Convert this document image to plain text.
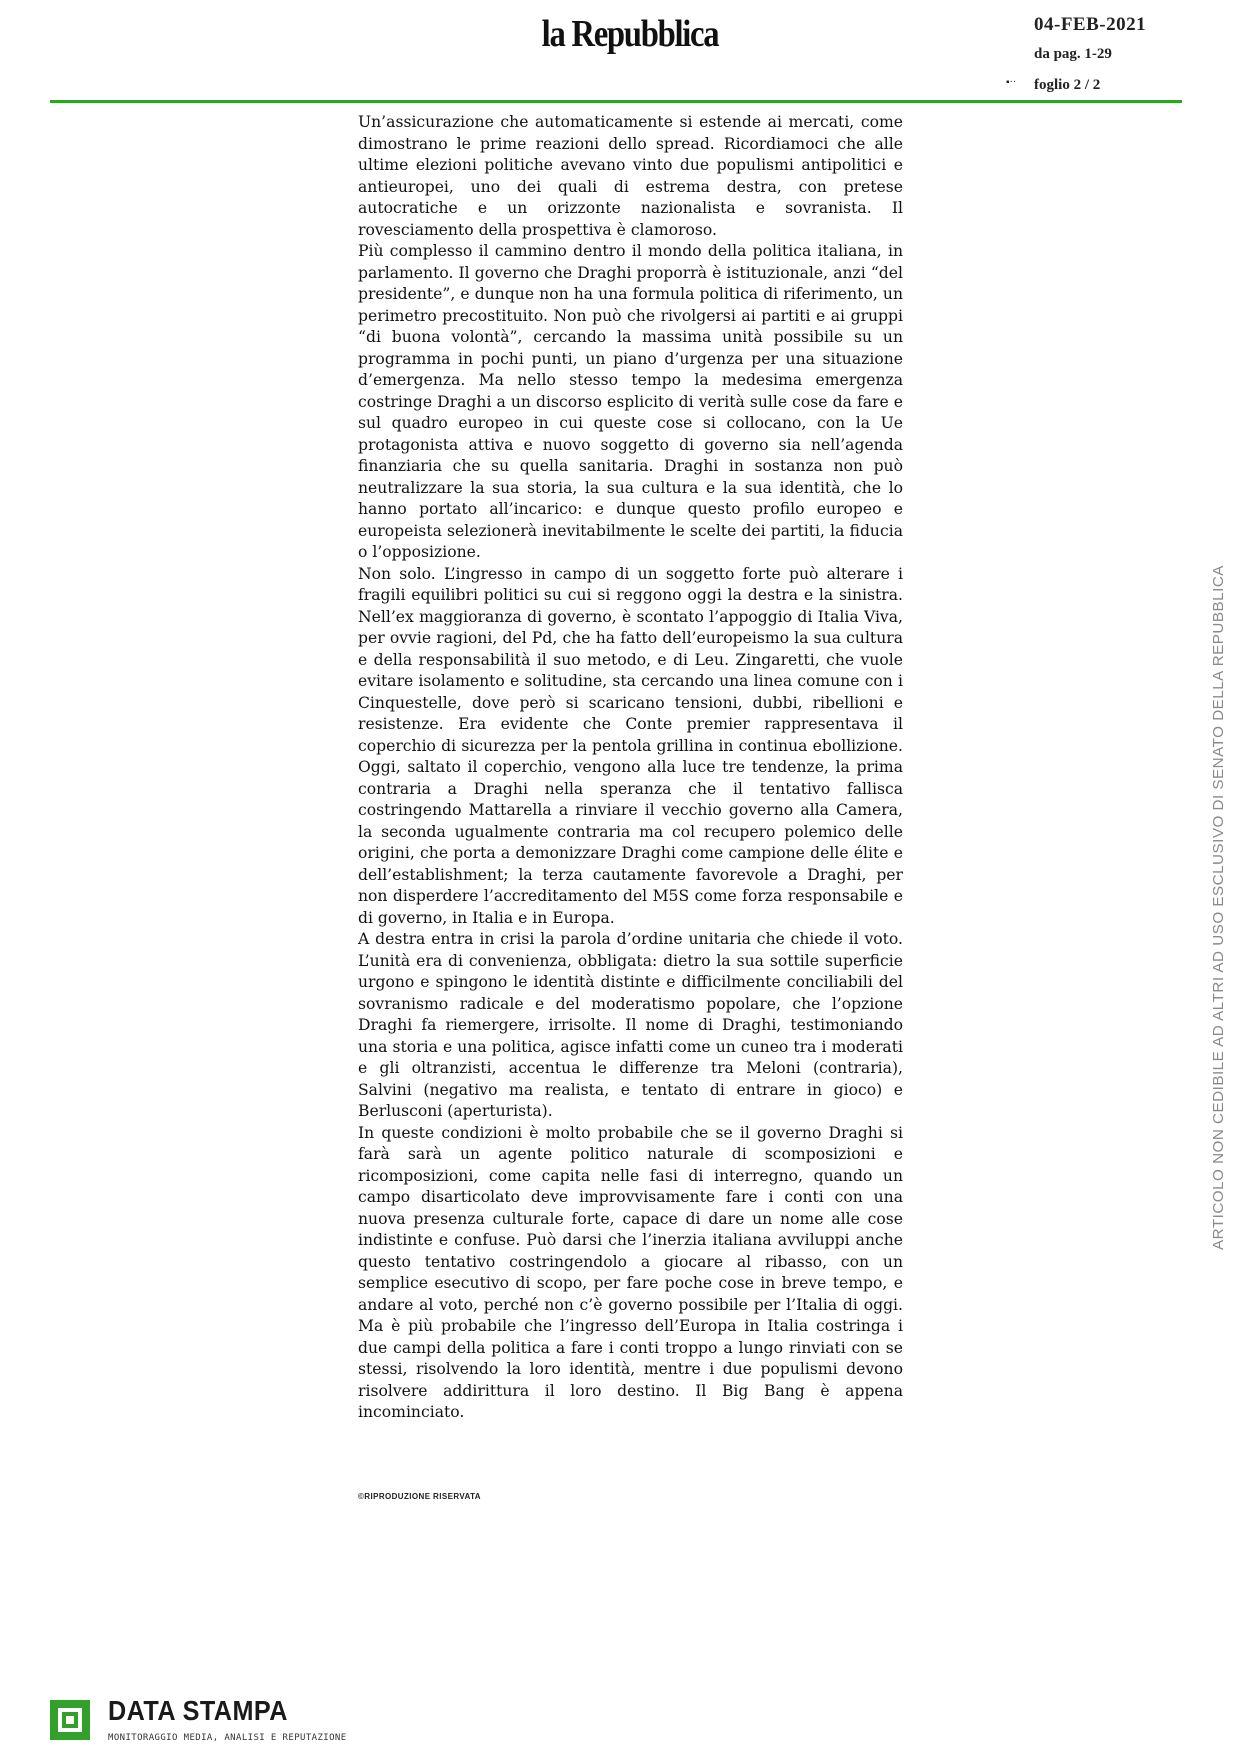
la Repubblica	04-FEB-2021
da pag. 1-29
▪·· foglio 2 / 2

Un’assicurazione che automaticamente si estende ai mercati, come dimostrano le prime reazioni dello spread. Ricordiamoci che alle ultime elezioni politiche avevano vinto due populismi antipolitici e antieuropei, uno dei quali di estrema destra, con pretese autocratiche e un orizzonte nazionalista e sovranista. Il rovesciamento della prospettiva è clamoroso.

Più complesso il cammino dentro il mondo della politica italiana, in parlamento. Il governo che Draghi proporrà è istituzionale, anzi “del presidente”, e dunque non ha una formula politica di riferimento, un perimetro precostituito. Non può che rivolgersi ai partiti e ai gruppi “di buona volontà”, cercando la massima unità possibile su un programma in pochi punti, un piano d’urgenza per una situazione d’emergenza. Ma nello stesso tempo la medesima emergenza costringe Draghi a un discorso esplicito di verità sulle cose da fare e sul quadro europeo in cui queste cose si collocano, con la Ue protagonista attiva e nuovo soggetto di governo sia nell’agenda finanziaria che su quella sanitaria. Draghi in sostanza non può neutralizzare la sua storia, la sua cultura e la sua identità, che lo hanno portato all’incarico: e dunque questo profilo europeo e europeista selezionerà inevitabilmente le scelte dei partiti, la fiducia o l’opposizione.

Non solo. L’ingresso in campo di un soggetto forte può alterare i fragili equilibri politici su cui si reggono oggi la destra e la sinistra. Nell’ex maggioranza di governo, è scontato l’appoggio di Italia Viva, per ovvie ragioni, del Pd, che ha fatto dell’europeismo la sua cultura e della responsabilità il suo metodo, e di Leu. Zingaretti, che vuole evitare isolamento e solitudine, sta cercando una linea comune con i Cinquestelle, dove però si scaricano tensioni, dubbi, ribellioni e resistenze. Era evidente che Conte premier rappresentava il coperchio di sicurezza per la pentola grillina in continua ebollizione. Oggi, saltato il coperchio, vengono alla luce tre tendenze, la prima contraria a Draghi nella speranza che il tentativo fallisca costringendo Mattarella a rinviare il vecchio governo alla Camera, la seconda ugualmente contraria ma col recupero polemico delle origini, che porta a demonizzare Draghi come campione delle élite e dell’establishment; la terza cautamente favorevole a Draghi, per non disperdere l’accreditamento del M5S come forza responsabile e di governo, in Italia e in Europa.

A destra entra in crisi la parola d’ordine unitaria che chiede il voto. L’unità era di convenienza, obbligata: dietro la sua sottile superficie urgono e spingono le identità distinte e difficilmente conciliabili del sovranismo radicale e del moderatismo popolare, che l’opzione Draghi fa riemergere, irrisolte. Il nome di Draghi, testimoniando una storia e una politica, agisce infatti come un cuneo tra i moderati e gli oltranzisti, accentua le differenze tra Meloni (contraria), Salvini (negativo ma realista, e tentato di entrare in gioco) e Berlusconi (aperturista).

In queste condizioni è molto probabile che se il governo Draghi si farà sarà un agente politico naturale di scomposizioni e ricomposizioni, come capita nelle fasi di interregno, quando un campo disarticolato deve improvvisamente fare i conti con una nuova presenza culturale forte, capace di dare un nome alle cose indistinte e confuse. Può darsi che l’inerzia italiana avviluppi anche questo tentativo costringendolo a giocare al ribasso, con un semplice esecutivo di scopo, per fare poche cose in breve tempo, e andare al voto, perché non c’è governo possibile per l’Italia di oggi. Ma è più probabile che l’ingresso dell’Europa in Italia costringa i due campi della politica a fare i conti troppo a lungo rinviati con se stessi, risolvendo la loro identità, mentre i due populismi devono risolvere addirittura il loro destino. Il Big Bang è appena incominciato.

©RIPRODUZIONE RISERVATA
ARTICOLO NON CEDIBILE AD ALTRI AD USO ESCLUSIVO DI SENATO DELLA REPUBBLICA
DATA STAMPA
MONITORAGGIO MEDIA, ANALISI E REPUTAZIONE
